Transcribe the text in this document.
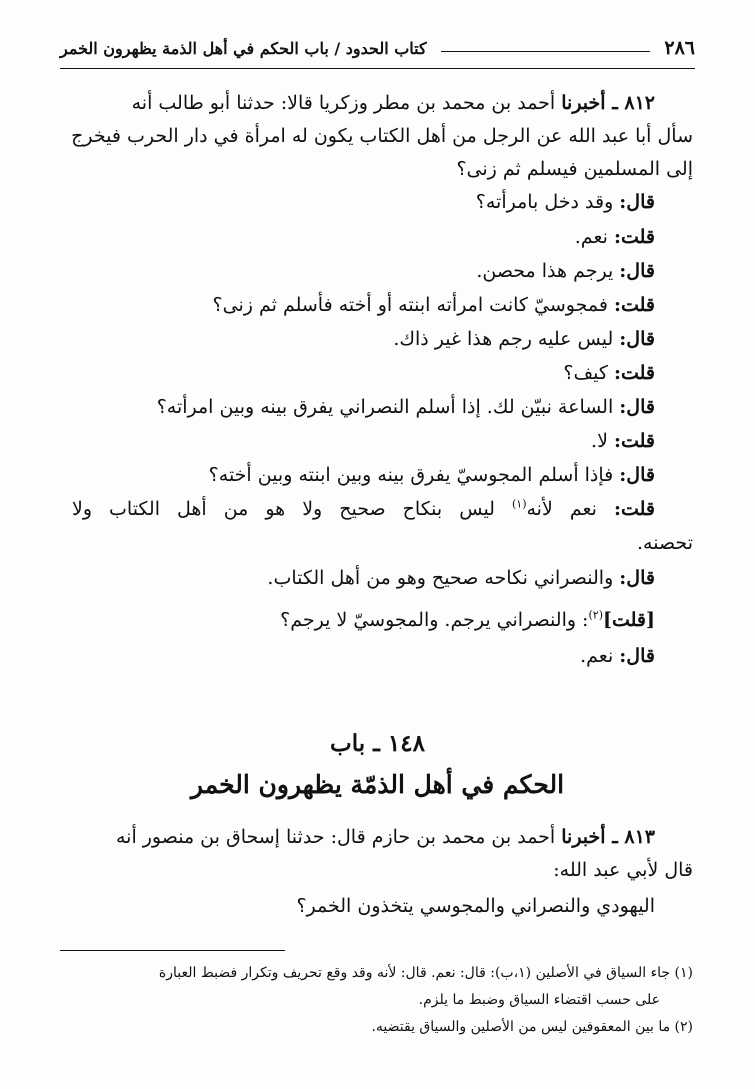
٢٨٦
كتاب الحدود / باب الحكم في أهل الذمة يظهرون الخمر
٨١٢ ـ أخبرنا أحمد بن محمد بن مطر وزكريا قالا: حدثنا أبو طالب أنه
سأل أبا عبد الله عن الرجل من أهل الكتاب يكون له امرأة في دار الحرب فيخرج
إلى المسلمين فيسلم ثم زنى؟
قال: وقد دخل بامرأته؟
قلت: نعم.
قال: يرجم هذا محصن.
قلت: فمجوسيّ كانت امرأته ابنته أو أخته فأسلم ثم زنى؟
قال: ليس عليه رجم هذا غير ذاك.
قلت: كيف؟
قال: الساعة نبيّن لك. إذا أسلم النصراني يفرق بينه وبين امرأته؟
قلت: لا.
قال: فإذا أسلم المجوسيّ يفرق بينه وبين ابنته وبين أخته؟
قلت: نعم لأنه$^{(١)}$ ليس بنكاح صحيح ولا هو من أهل الكتاب ولا
تحصنه.
قال: والنصراني نكاحه صحيح وهو من أهل الكتاب.
[قلت]$^{(٢)}$: والنصراني يرجم. والمجوسيّ لا يرجم؟
قال: نعم.
١٤٨ ـ باب
الحكم في أهل الذمّة يظهرون الخمر
٨١٣ ـ أخبرنا أحمد بن محمد بن حازم قال: حدثنا إسحاق بن منصور أنه
قال لأبي عبد الله:
اليهودي والنصراني والمجوسي يتخذون الخمر؟
(١) جاء السياق في الأصلين (١،ب): قال: نعم. قال: لأنه وقد وقع تحريف وتكرار فضبط العبارة
على حسب اقتضاء السياق وضبط ما يلزم.
(٢) ما بين المعقوفين ليس من الأصلين والسياق يقتضيه.
